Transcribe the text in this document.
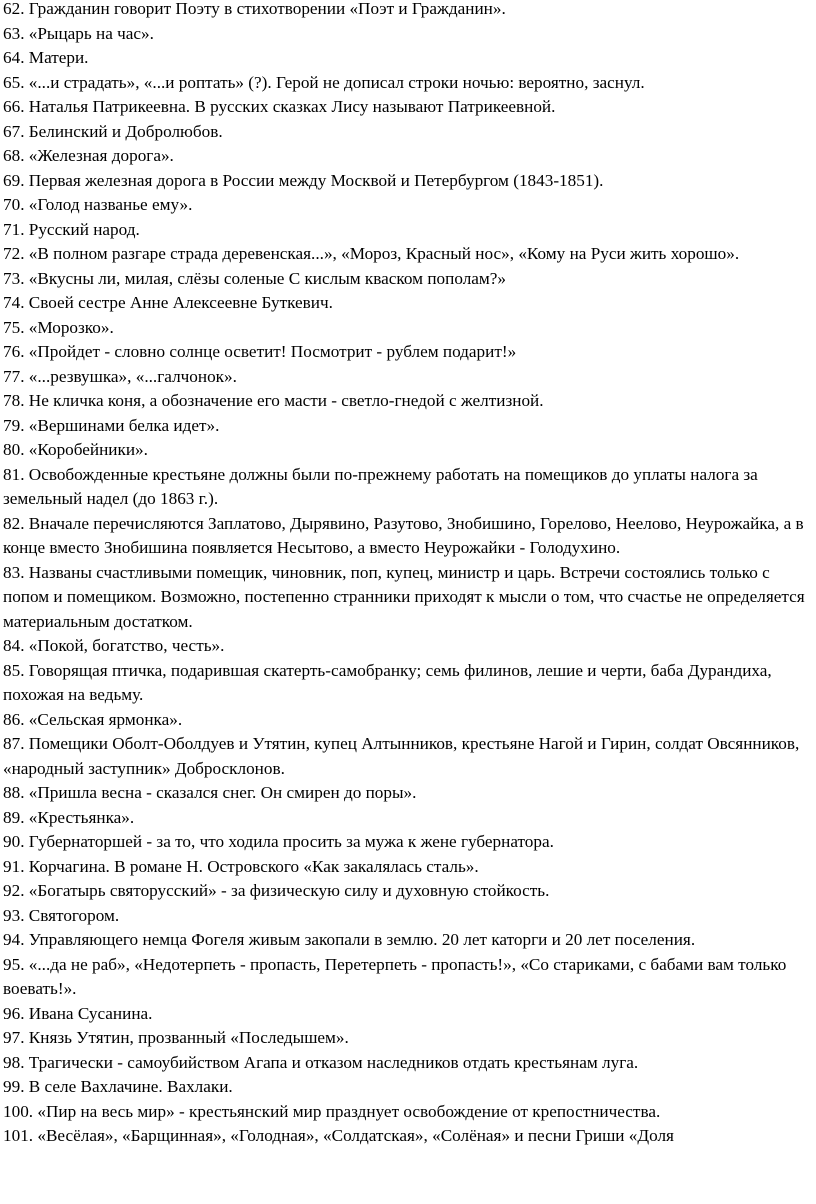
62. Гражданин говорит Поэту в стихотворении «Поэт и Гражданин».
63. «Рыцарь на час».
64. Матери.
65. «...и страдать», «...и роптать» (?). Герой не дописал строки ночью: вероятно, заснул.
66. Наталья Патрикеевна. В русских сказках Лису называют Патрикеевной.
67. Белинский и Добролюбов.
68. «Железная дорога».
69. Первая железная дорога в России между Москвой и Петербургом (1843-1851).
70. «Голод названье ему».
71. Русский народ.
72. «В полном разгаре страда деревенская...», «Мороз, Красный нос», «Кому на Руси жить хорошо».
73. «Вкусны ли, милая, слёзы соленые С кислым кваском пополам?»
74. Своей сестре Анне Алексеевне Буткевич.
75. «Морозко».
76. «Пройдет - словно солнце осветит! Посмотрит - рублем подарит!»
77. «...резвушка», «...галчонок».
78. Не кличка коня, а обозначение его масти - светло-гнедой с желтизной.
79. «Вершинами белка идет».
80. «Коробейники».
81. Освобожденные крестьяне должны были по-прежнему работать на помещиков до уплаты налога за земельный надел (до 1863 г.).
82. Вначале перечисляются Заплатово, Дырявино, Разутово, Знобишино, Горелово, Неелово, Неурожайка, а в конце вместо Знобишина появляется Несытово, а вместо Неурожайки - Голодухино.
83. Названы счастливыми помещик, чиновник, поп, купец, министр и царь. Встречи состоялись только с попом и помещиком. Возможно, постепенно странники приходят к мысли о том, что счастье не определяется материальным достатком.
84. «Покой, богатство, честь».
85. Говорящая птичка, подарившая скатерть-самобранку; семь филинов, лешие и черти, баба Дурандиха, похожая на ведьму.
86. «Сельская ярмонка».
87. Помещики Оболт-Оболдуев и Утятин, купец Алтынников, крестьяне Нагой и Гирин, солдат Овсянников, «народный заступник» Добросклонов.
88. «Пришла весна - сказался снег. Он смирен до поры».
89. «Крестьянка».
90. Губернаторшей - за то, что ходила просить за мужа к жене губернатора.
91. Корчагина. В романе Н. Островского «Как закалялась сталь».
92. «Богатырь святорусский» - за физическую силу и духовную стойкость.
93. Святогором.
94. Управляющего немца Фогеля живым закопали в землю. 20 лет каторги и 20 лет поселения.
95. «...да не раб», «Недотерпеть - пропасть, Перетерпеть - пропасть!», «Со стариками, с бабами вам только воевать!».
96. Ивана Сусанина.
97. Князь Утятин, прозванный «Последышем».
98. Трагически - самоубийством Агапа и отказом наследников отдать крестьянам луга.
99. В селе Вахлачине. Вахлаки.
100. «Пир на весь мир» - крестьянский мир празднует освобождение от крепостничества.
101. «Весёлая», «Барщинная», «Голодная», «Солдатская», «Солёная» и песни Гриши «Доля
